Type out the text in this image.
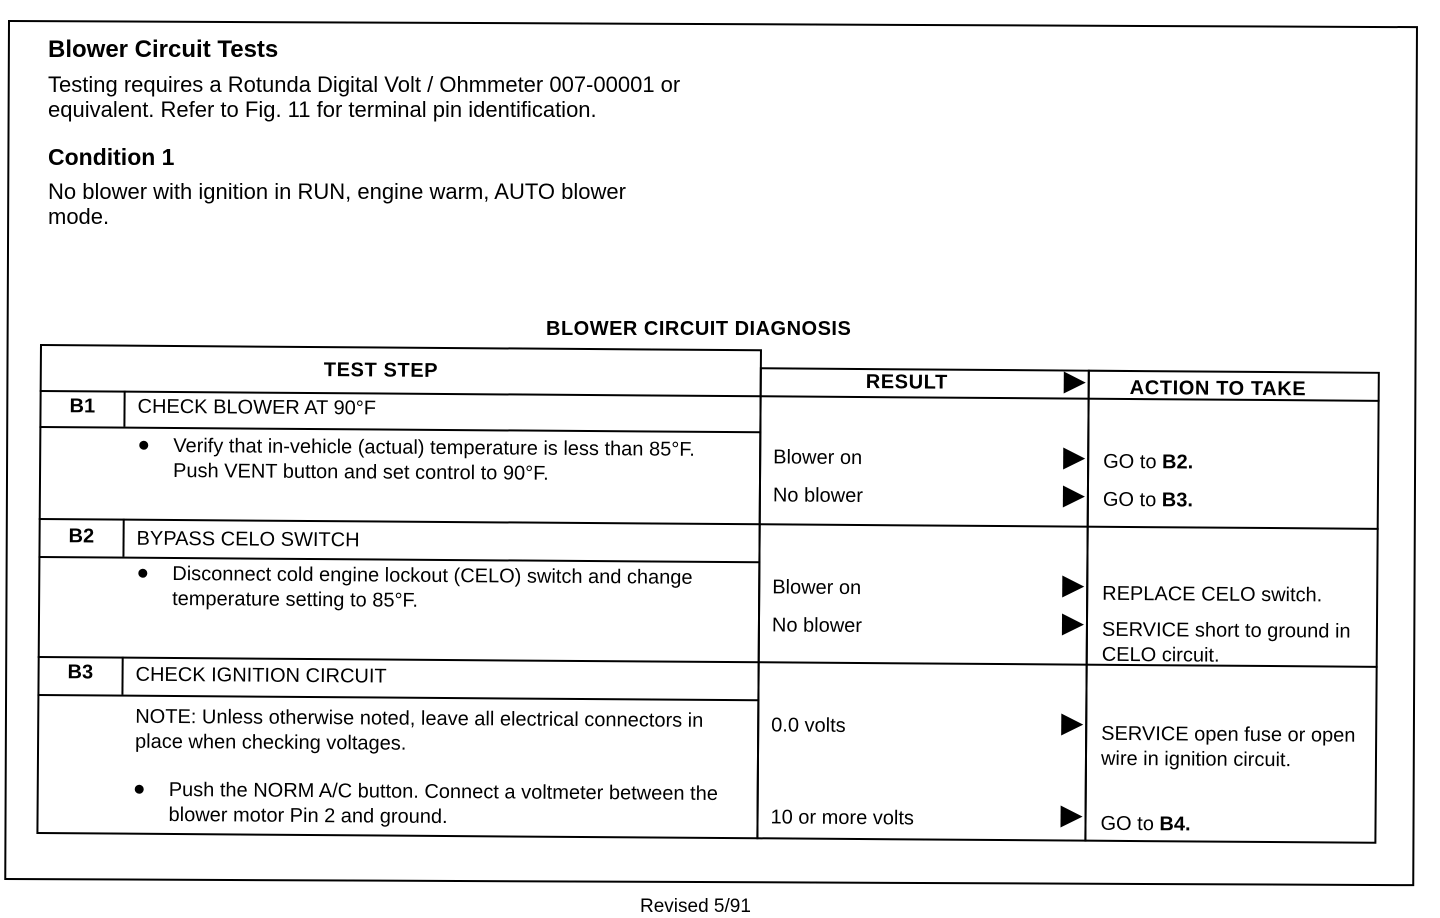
Blower Circuit Tests

Testing requires a Rotunda Digital Volt / Ohmmeter 007-00001 or equivalent. Refer to Fig. 11 for terminal pin identification.

Condition 1

No blower with ignition in RUN, engine warm, AUTO blower mode.

BLOWER CIRCUIT DIAGNOSIS
TEST STEP
RESULT	ACTION TO TAKE
B1 CHECK BLOWER AT 90°F
Verify that in-vehicle (actual) temperature is less than 85°F. Push VENT button and set control to 90°F.
Blower on	GO to B2.
No blower	GO to B3.
B2 BYPASS CELO SWITCH
Disconnect cold engine lockout (CELO) switch and change temperature setting to 85°F.
Blower on	REPLACE CELO switch.
No blower	SERVICE short to ground in CELO circuit.
B3 CHECK IGNITION CIRCUIT
NOTE: Unless otherwise noted, leave all electrical connectors in place when checking voltages.
Push the NORM A/C button. Connect a voltmeter between the blower motor Pin 2 and ground.
0.0 volts	SERVICE open fuse or open wire in ignition circuit.
10 or more volts	GO to B4.
Revised 5/91
